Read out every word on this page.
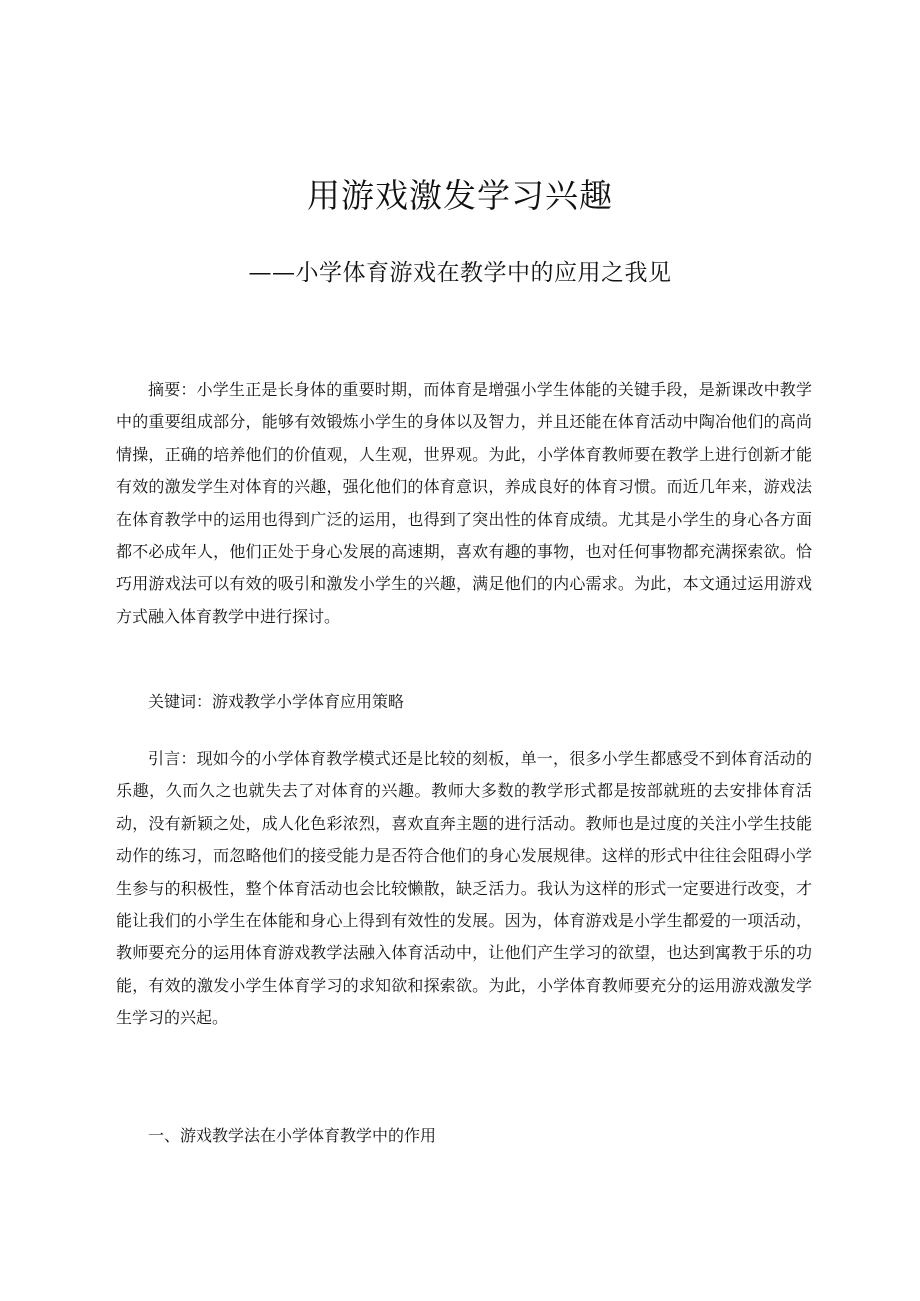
用游戏激发学习兴趣
——小学体育游戏在教学中的应用之我见

摘要：小学生正是长身体的重要时期，而体育是增强小学生体能的关键手段，是新课改中教学中的重要组成部分，能够有效锻炼小学生的身体以及智力，并且还能在体育活动中陶冶他们的高尚情操，正确的培养他们的价值观，人生观，世界观。为此，小学体育教师要在教学上进行创新才能有效的激发学生对体育的兴趣，强化他们的体育意识，养成良好的体育习惯。而近几年来，游戏法在体育教学中的运用也得到广泛的运用，也得到了突出性的体育成绩。尤其是小学生的身心各方面都不必成年人，他们正处于身心发展的高速期，喜欢有趣的事物，也对任何事物都充满探索欲。恰巧用游戏法可以有效的吸引和激发小学生的兴趣，满足他们的内心需求。为此，本文通过运用游戏方式融入体育教学中进行探讨。

关键词：游戏教学小学体育应用策略

引言：现如今的小学体育教学模式还是比较的刻板，单一，很多小学生都感受不到体育活动的乐趣，久而久之也就失去了对体育的兴趣。教师大多数的教学形式都是按部就班的去安排体育活动，没有新颖之处，成人化色彩浓烈，喜欢直奔主题的进行活动。教师也是过度的关注小学生技能动作的练习，而忽略他们的接受能力是否符合他们的身心发展规律。这样的形式中往往会阻碍小学生参与的积极性，整个体育活动也会比较懒散，缺乏活力。我认为这样的形式一定要进行改变，才能让我们的小学生在体能和身心上得到有效性的发展。因为，体育游戏是小学生都爱的一项活动，教师要充分的运用体育游戏教学法融入体育活动中，让他们产生学习的欲望，也达到寓教于乐的功能，有效的激发小学生体育学习的求知欲和探索欲。为此，小学体育教师要充分的运用游戏激发学生学习的兴起。

一、游戏教学法在小学体育教学中的作用
